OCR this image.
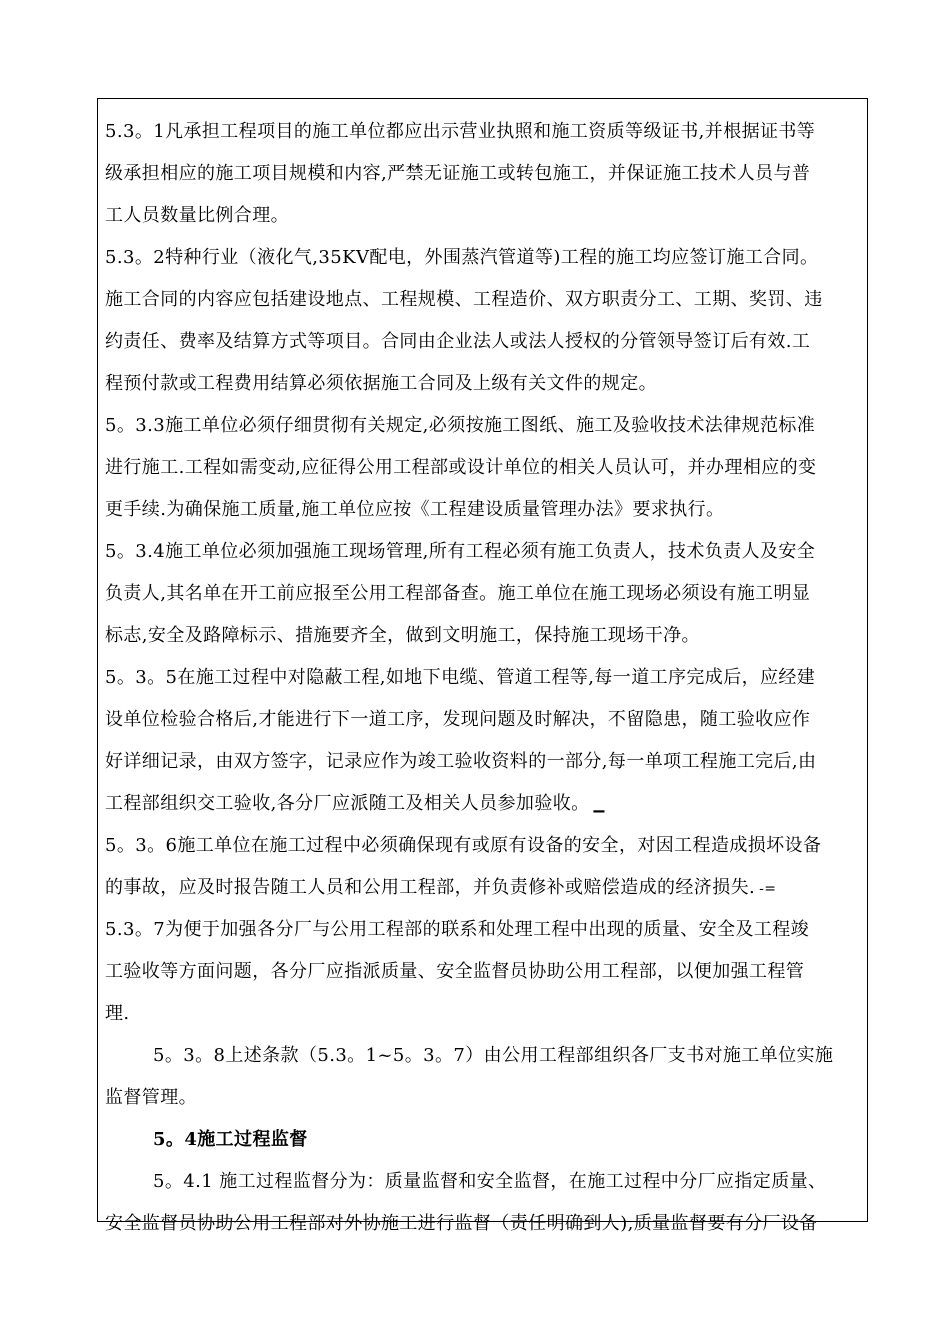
5.3。1凡承担工程项目的施工单位都应出示营业执照和施工资质等级证书,并根据证书等
级承担相应的施工项目规模和内容,严禁无证施工或转包施工，并保证施工技术人员与普
工人员数量比例合理。
5.3。2特种行业（液化气,35KV配电，外围蒸汽管道等)工程的施工均应签订施工合同。
施工合同的内容应包括建设地点、工程规模、工程造价、双方职责分工、工期、奖罚、违
约责任、费率及结算方式等项目。合同由企业法人或法人授权的分管领导签订后有效.工
程预付款或工程费用结算必须依据施工合同及上级有关文件的规定。
5。3.3施工单位必须仔细贯彻有关规定,必须按施工图纸、施工及验收技术法律规范标准
进行施工.工程如需变动,应征得公用工程部或设计单位的相关人员认可，并办理相应的变
更手续.为确保施工质量,施工单位应按《工程建设质量管理办法》要求执行。
5。3.4施工单位必须加强施工现场管理,所有工程必须有施工负责人，技术负责人及安全
负责人,其名单在开工前应报至公用工程部备查。施工单位在施工现场必须设有施工明显
标志,安全及路障标示、措施要齐全，做到文明施工，保持施工现场干净。
5。3。5在施工过程中对隐蔽工程,如地下电缆、管道工程等,每一道工序完成后，应经建
设单位检验合格后,才能进行下一道工序，发现问题及时解决，不留隐患，随工验收应作
好详细记录，由双方签字，记录应作为竣工验收资料的一部分,每一单项工程施工完后,由
工程部组织交工验收,各分厂应派随工及相关人员参加验收。 ▁
5。3。6施工单位在施工过程中必须确保现有或原有设备的安全，对因工程造成损坏设备
的事故，应及时报告随工人员和公用工程部，并负责修补或赔偿造成的经济损失. -=
5.3。7为便于加强各分厂与公用工程部的联系和处理工程中出现的质量、安全及工程竣
工验收等方面问题，各分厂应指派质量、安全监督员协助公用工程部，以便加强工程管
理.
5。3。8上述条款（5.3。1~5。3。7）由公用工程部组织各厂支书对施工单位实施
监督管理。
5。4施工过程监督
5。4.1 施工过程监督分为：质量监督和安全监督，在施工过程中分厂应指定质量、
安全监督员协助公用工程部对外协施工进行监督（责任明确到人),质量监督要有分厂设备
